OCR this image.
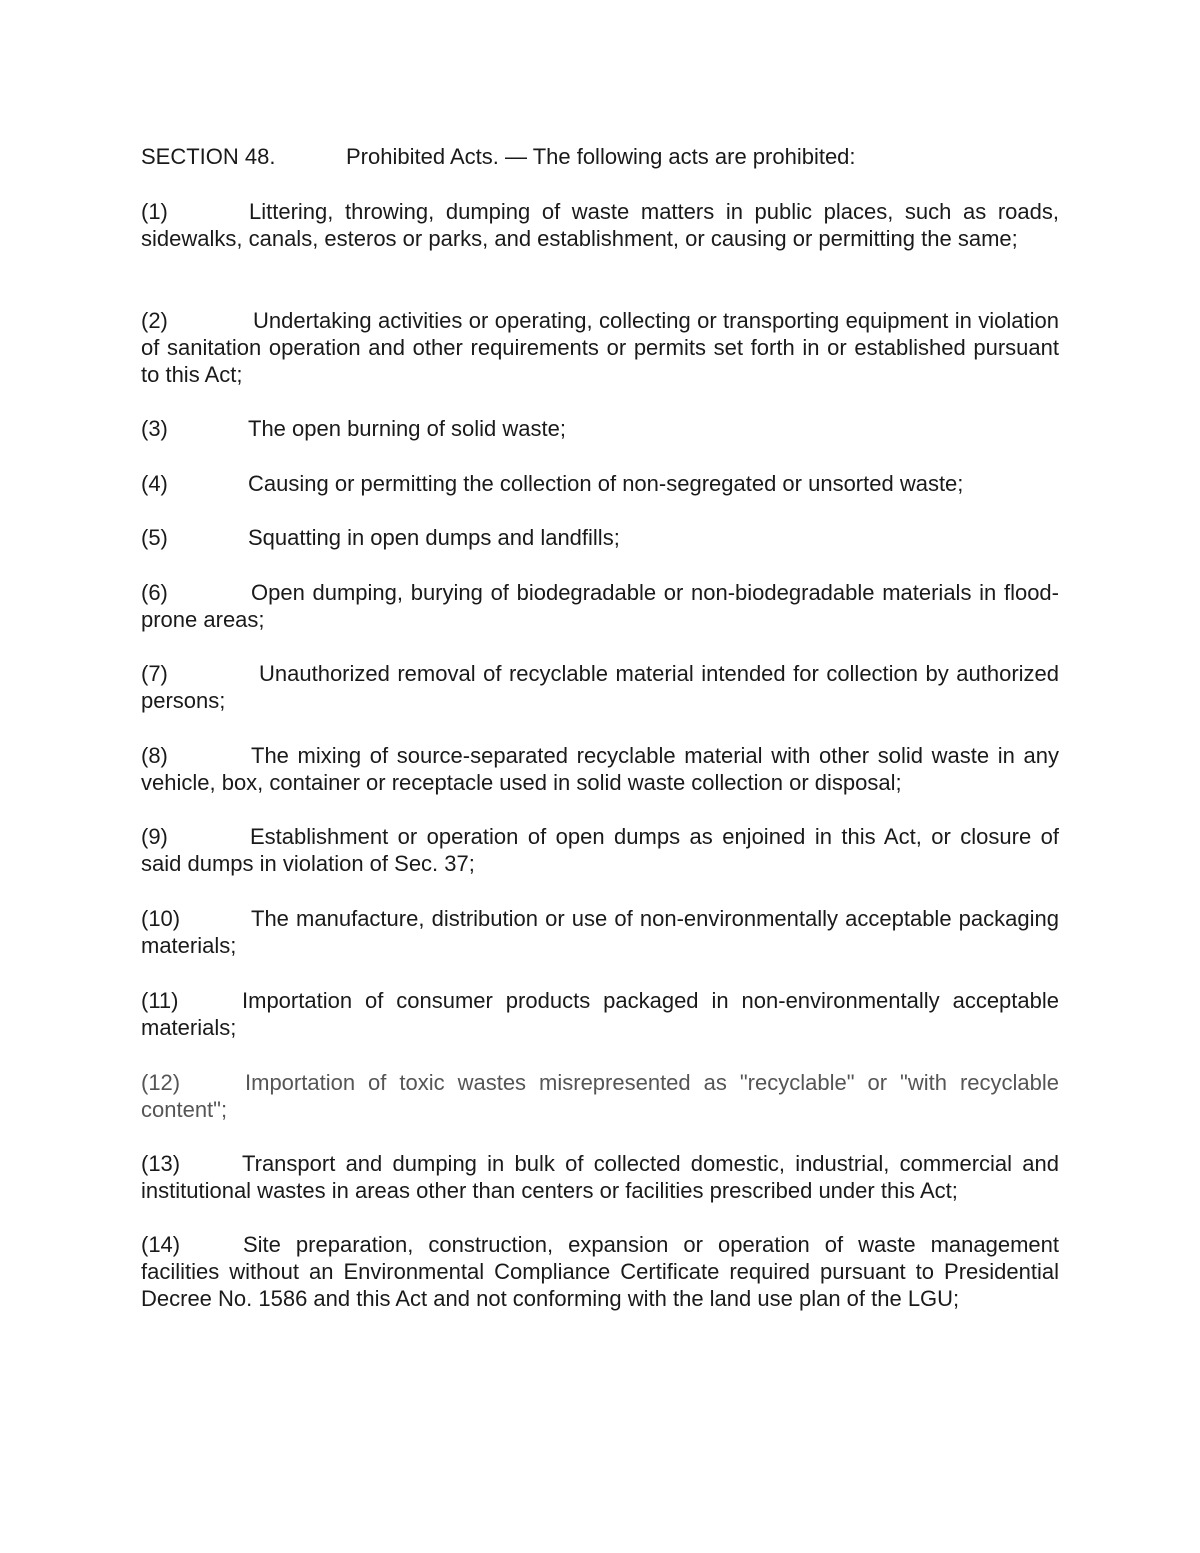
SECTION 48.	Prohibited Acts. — The following acts are prohibited:
(1)	Littering, throwing, dumping of waste matters in public places, such as roads, sidewalks, canals, esteros or parks, and establishment, or causing or permitting the same;
(2)	Undertaking activities or operating, collecting or transporting equipment in violation of sanitation operation and other requirements or permits set forth in or established pursuant to this Act;
(3)	The open burning of solid waste;
(4)	Causing or permitting the collection of non-segregated or unsorted waste;
(5)	Squatting in open dumps and landfills;
(6)	Open dumping, burying of biodegradable or non-biodegradable materials in flood-prone areas;
(7)	Unauthorized removal of recyclable material intended for collection by authorized persons;
(8)	The mixing of source-separated recyclable material with other solid waste in any vehicle, box, container or receptacle used in solid waste collection or disposal;
(9)	Establishment or operation of open dumps as enjoined in this Act, or closure of said dumps in violation of Sec. 37;
(10)	The manufacture, distribution or use of non-environmentally acceptable packaging materials;
(11)	Importation of consumer products packaged in non-environmentally acceptable materials;
(12)	Importation of toxic wastes misrepresented as "recyclable" or "with recyclable content";
(13)	Transport and dumping in bulk of collected domestic, industrial, commercial and institutional wastes in areas other than centers or facilities prescribed under this Act;
(14)	Site preparation, construction, expansion or operation of waste management facilities without an Environmental Compliance Certificate required pursuant to Presidential Decree No. 1586 and this Act and not conforming with the land use plan of the LGU;
